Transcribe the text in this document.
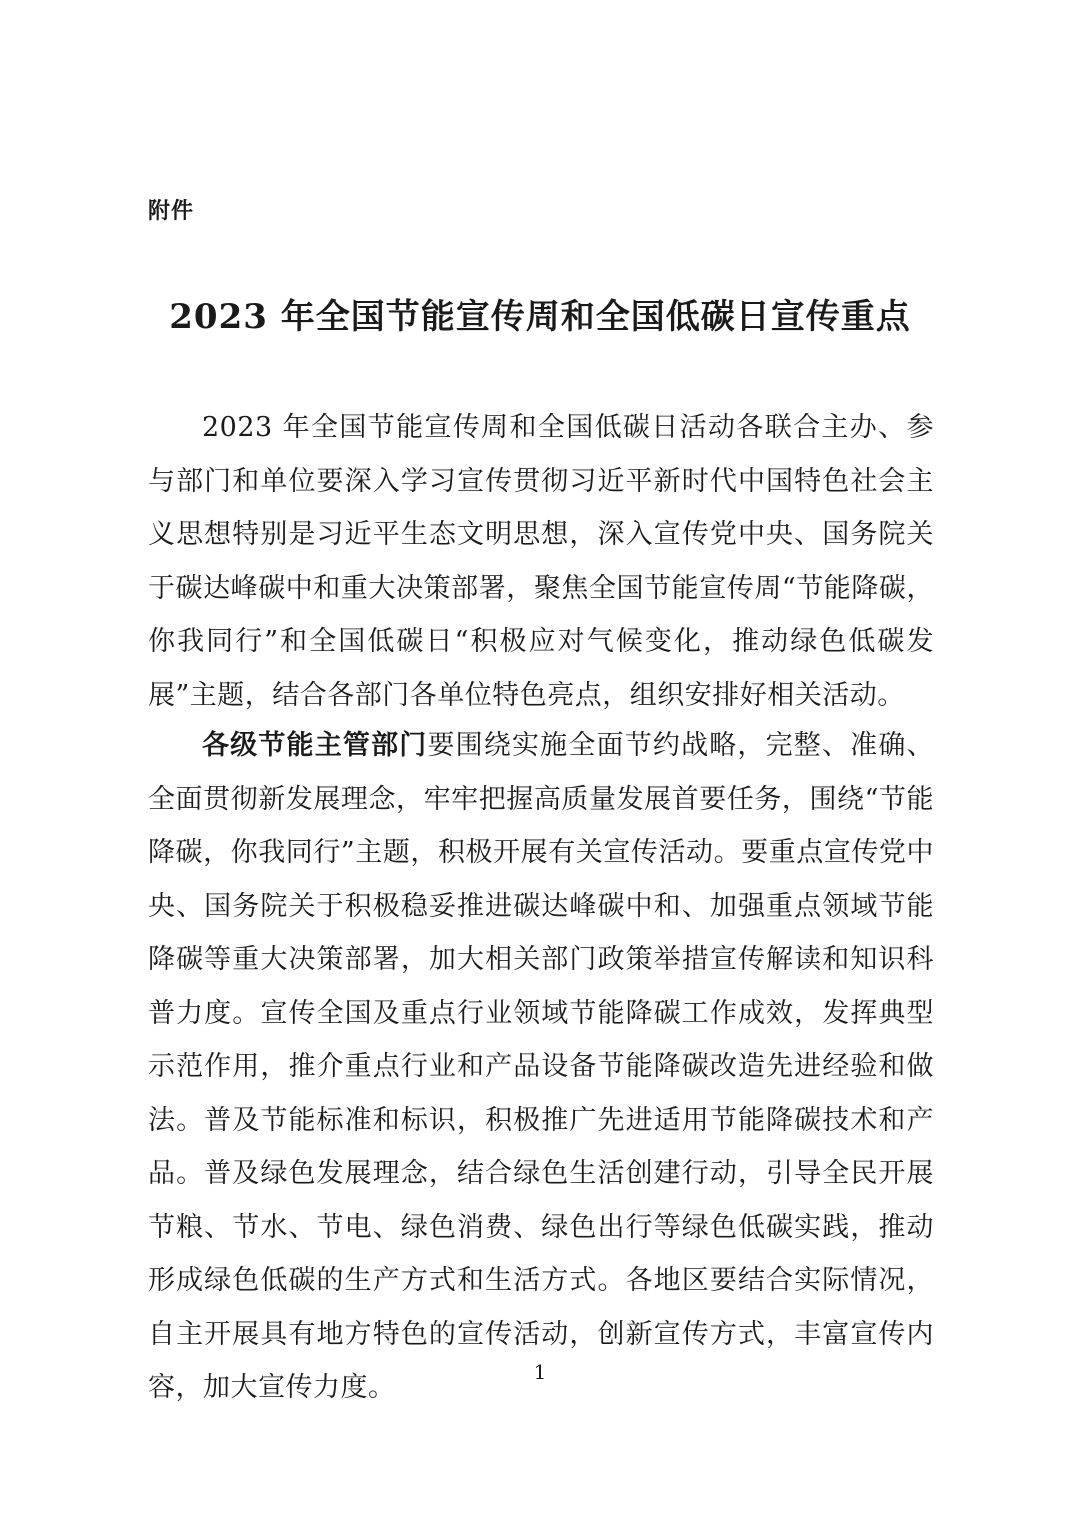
附件
2023 年全国节能宣传周和全国低碳日宣传重点

2023 年全国节能宣传周和全国低碳日活动各联合主办、参与部门和单位要深入学习宣传贯彻习近平新时代中国特色社会主义思想特别是习近平生态文明思想，深入宣传党中央、国务院关于碳达峰碳中和重大决策部署，聚焦全国节能宣传周“节能降碳，你我同行”和全国低碳日“积极应对气候变化，推动绿色低碳发展”主题，结合各部门各单位特色亮点，组织安排好相关活动。

各级节能主管部门要围绕实施全面节约战略，完整、准确、全面贯彻新发展理念，牢牢把握高质量发展首要任务，围绕“节能降碳，你我同行”主题，积极开展有关宣传活动。要重点宣传党中央、国务院关于积极稳妥推进碳达峰碳中和、加强重点领域节能降碳等重大决策部署，加大相关部门政策举措宣传解读和知识科普力度。宣传全国及重点行业领域节能降碳工作成效，发挥典型示范作用，推介重点行业和产品设备节能降碳改造先进经验和做法。普及节能标准和标识，积极推广先进适用节能降碳技术和产品。普及绿色发展理念，结合绿色生活创建行动，引导全民开展节粮、节水、节电、绿色消费、绿色出行等绿色低碳实践，推动形成绿色低碳的生产方式和生活方式。各地区要结合实际情况，自主开展具有地方特色的宣传活动，创新宣传方式，丰富宣传内容，加大宣传力度。	1
